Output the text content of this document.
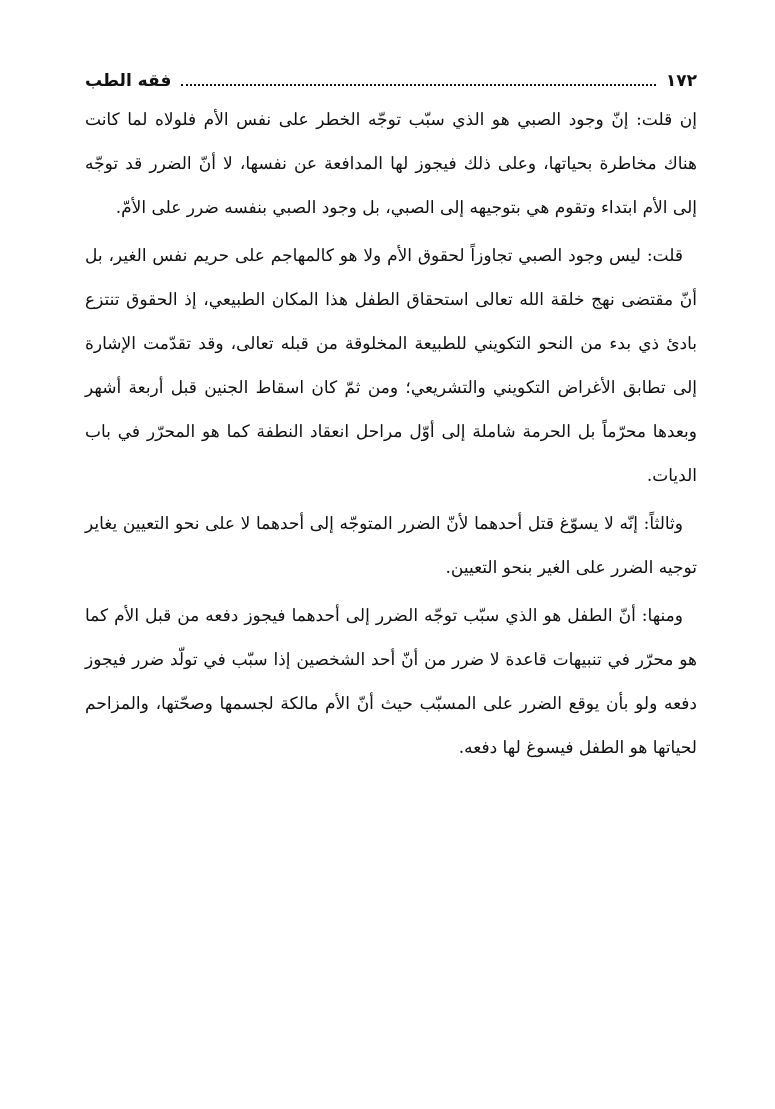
١٧٢
فقه الطب

إن قلت: إنّ وجود الصبي هو الذي سبّب توجّه الخطر على نفس الأم فلولاه لما كانت هناك مخاطرة بحياتها، وعلى ذلك فيجوز لها المدافعة عن نفسها، لا أنّ الضرر قد توجّه إلى الأم ابتداء وتقوم هي بتوجيهه إلى الصبي، بل وجود الصبي بنفسه ضرر على الأمّ.

قلت: ليس وجود الصبي تجاوزاً لحقوق الأم ولا هو كالمهاجم على حريم نفس الغير، بل أنّ مقتضى نهج خلقة الله تعالى استحقاق الطفل هذا المكان الطبيعي، إذ الحقوق تنتزع بادئ ذي بدء من النحو التكويني للطبيعة المخلوقة من قبله تعالى، وقد تقدّمت الإشارة إلى تطابق الأغراض التكويني والتشريعي؛ ومن ثمّ كان اسقاط الجنين قبل أربعة أشهر وبعدها محرّماً بل الحرمة شاملة إلى أوّل مراحل انعقاد النطفة كما هو المحرّر في باب الديات.

وثالثاً: إنّه لا يسوّغ قتل أحدهما لأنّ الضرر المتوجّه إلى أحدهما لا على نحو التعيين يغاير توجيه الضرر على الغير بنحو التعيين.

ومنها: أنّ الطفل هو الذي سبّب توجّه الضرر إلى أحدهما فيجوز دفعه من قبل الأم كما هو محرّر في تنبيهات قاعدة لا ضرر من أنّ أحد الشخصين إذا سبّب في تولّد ضرر فيجوز دفعه ولو بأن يوقع الضرر على المسبّب حيث أنّ الأم مالكة لجسمها وصحّتها، والمزاحم لحياتها هو الطفل فيسوغ لها دفعه.
